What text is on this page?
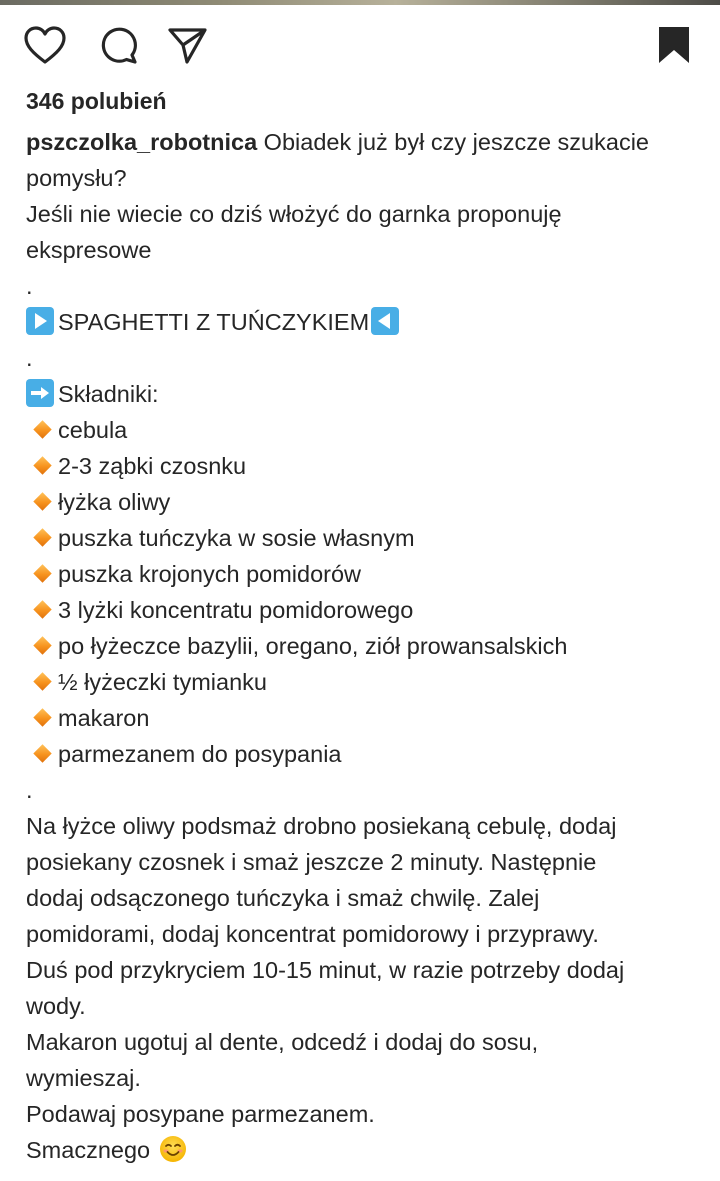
346 polubień
pszczolka_robotnica Obiadek już był czy jeszcze szukacie
pomysłu?
Jeśli nie wiecie co dziś włożyć do garnka proponuję
ekspresowe
.
SPAGHETTI Z TUŃCZYKIEM
.
Składniki:
cebula
2-3 ząbki czosnku
łyżka oliwy
puszka tuńczyka w sosie własnym
puszka krojonych pomidorów
3 lyżki koncentratu pomidorowego
po łyżeczce bazylii, oregano, ziół prowansalskich
½ łyżeczki tymianku
makaron
parmezanem do posypania
.
Na łyżce oliwy podsmaż drobno posiekaną cebulę, dodaj
posiekany czosnek i smaż jeszcze 2 minuty. Następnie
dodaj odsączonego tuńczyka i smaż chwilę. Zalej
pomidorami, dodaj koncentrat pomidorowy i przyprawy.
Duś pod przykryciem 10-15 minut, w razie potrzeby dodaj
wody.
Makaron ugotuj al dente, odcedź i dodaj do sosu,
wymieszaj.
Podawaj posypane parmezanem.
Smacznego
